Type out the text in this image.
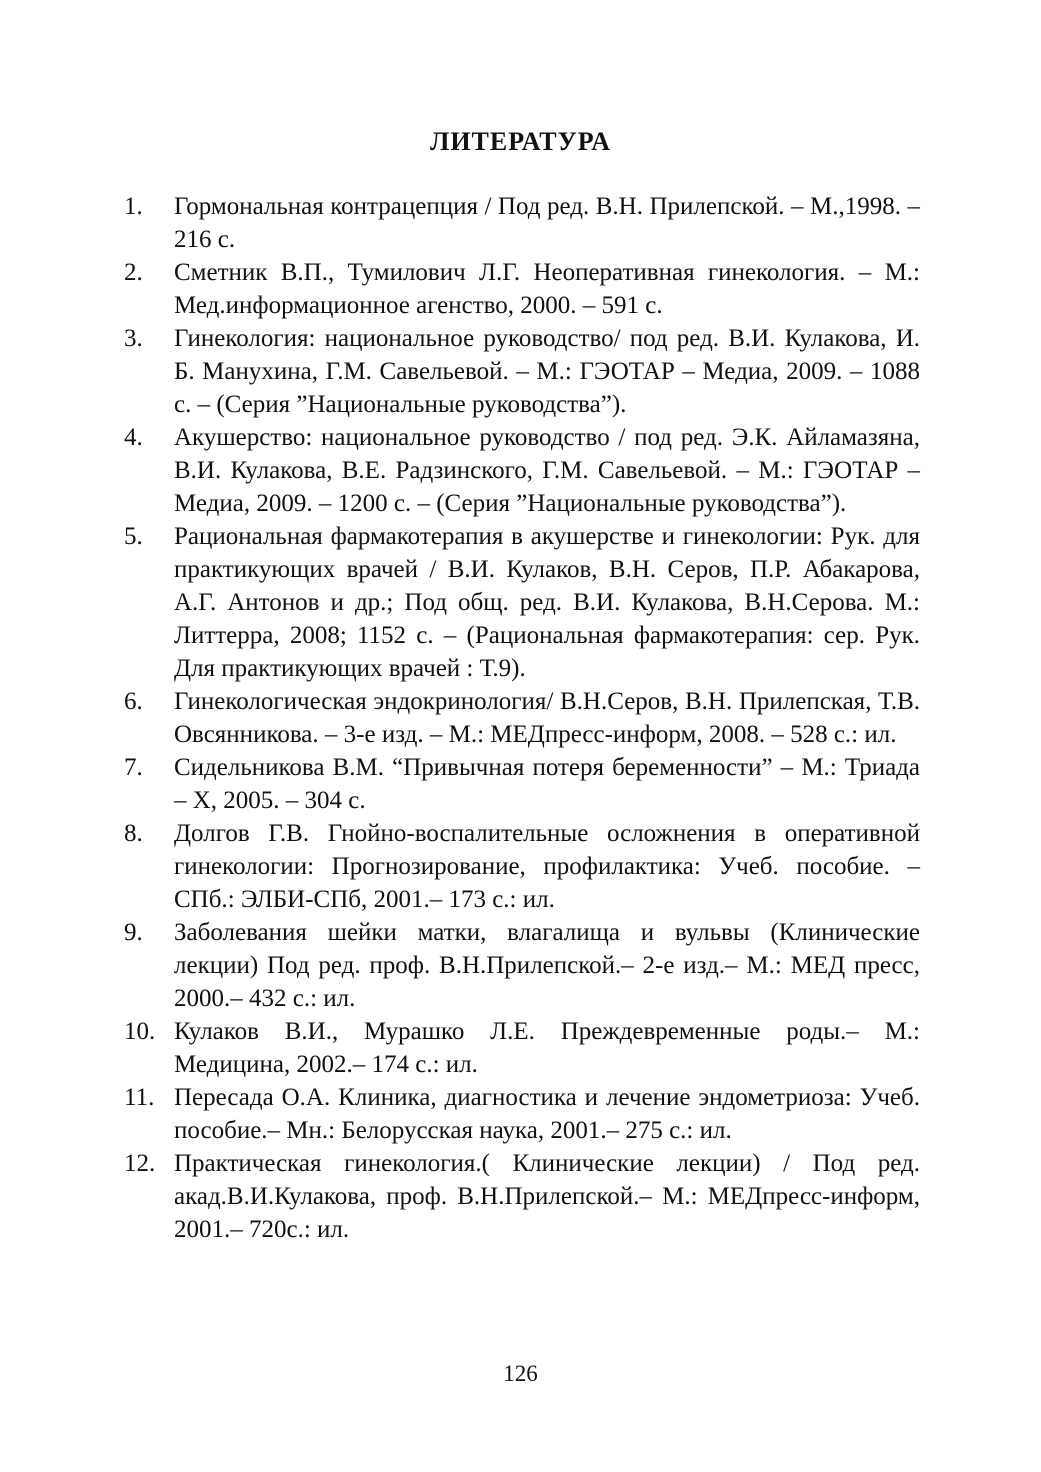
ЛИТЕРАТУРА
1.	Гормональная контрацепция / Под ред. В.Н. Прилепской. – М.,1998. – 216 с.
2.	Сметник В.П., Тумилович Л.Г. Неоперативная гинекология. – М.: Мед.информационное агенство, 2000. – 591 с.
3.	Гинекология: национальное руководство/ под ред. В.И. Кулакова, И. Б. Манухина, Г.М. Савельевой. – М.: ГЭОТАР – Медиа, 2009. – 1088 с. – (Серия ”Национальные руководства”).
4.	Акушерство: национальное руководство / под ред. Э.К. Айламазяна, В.И. Кулакова, В.Е. Радзинского, Г.М. Савельевой. – М.: ГЭОТАР – Медиа, 2009. – 1200 с. – (Серия ”Национальные руководства”).
5.	Рациональная фармакотерапия в акушерстве и гинекологии: Рук. для практикующих врачей / В.И. Кулаков, В.Н. Серов, П.Р. Абакарова, А.Г. Антонов и др.; Под общ. ред. В.И. Кулакова, В.Н.Серова. М.: Литтерра, 2008; 1152 с. – (Рациональная фармакотерапия: сер. Рук. Для практикующих врачей : Т.9).
6.	Гинекологическая эндокринология/ В.Н.Серов, В.Н. Прилепская, Т.В. Овсянникова. – 3-е изд. – М.: МЕДпресс-информ, 2008. – 528 с.: ил.
7.	Сидельникова В.М. “Привычная потеря беременности” – М.: Триада – Х, 2005. – 304 с.
8.	Долгов Г.В. Гнойно-воспалительные осложнения в оперативной гинекологии: Прогнозирование, профилактика: Учеб. пособие. – СПб.: ЭЛБИ-СПб, 2001.– 173 с.: ил.
9.	Заболевания шейки матки, влагалища и вульвы (Клинические лекции) Под ред. проф. В.Н.Прилепской.– 2-е изд.– М.: МЕД пресс, 2000.– 432 с.: ил.
10. Кулаков В.И., Мурашко Л.Е. Преждевременные роды.– М.: Медицина, 2002.– 174 с.: ил.
11. Пересада О.А. Клиника, диагностика и лечение эндометриоза: Учеб. пособие.– Мн.: Белорусская наука, 2001.– 275 с.: ил.
12. Практическая гинекология.( Клинические лекции) / Под ред. акад.В.И.Кулакова, проф. В.Н.Прилепской.– М.: МЕДпресс-информ, 2001.– 720с.: ил.
126
